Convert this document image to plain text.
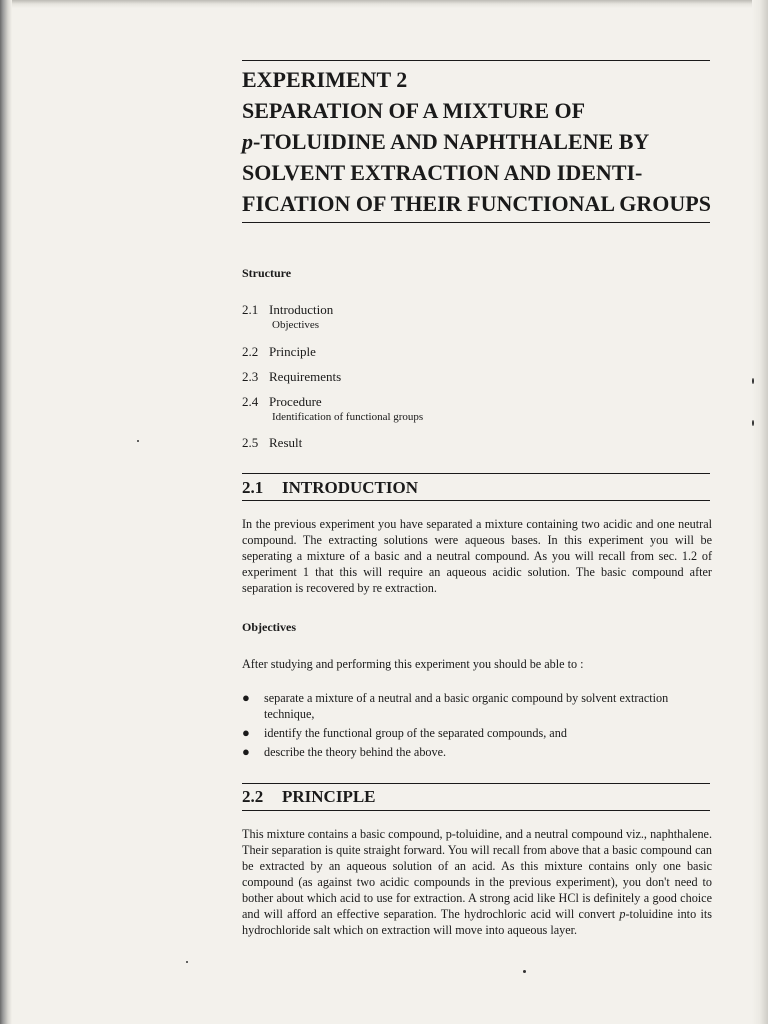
EXPERIMENT 2
SEPARATION OF A MIXTURE OF
p-TOLUIDINE AND NAPHTHALENE BY
SOLVENT EXTRACTION AND IDENTI-
FICATION OF THEIR FUNCTIONAL GROUPS
Structure
2.1 Introduction
Objectives
2.2 Principle
2.3 Requirements
2.4 Procedure
Identification of functional groups
2.5 Result
2.1 INTRODUCTION
In the previous experiment you have separated a mixture containing two acidic and one neutral compound. The extracting solutions were aqueous bases. In this experiment you will be seperating a mixture of a basic and a neutral compound. As you will recall from sec. 1.2 of experiment 1 that this will require an aqueous acidic solution. The basic compound after separation is recovered by re extraction.
Objectives
After studying and performing this experiment you should be able to :
● separate a mixture of a neutral and a basic organic compound by solvent extraction technique,
● identify the functional group of the separated compounds, and
● describe the theory behind the above.
2.2 PRINCIPLE
This mixture contains a basic compound, p-toluidine, and a neutral compound viz., naphthalene. Their separation is quite straight forward. You will recall from above that a basic compound can be extracted by an aqueous solution of an acid. As this mixture contains only one basic compound (as against two acidic compounds in the previous experiment), you don't need to bother about which acid to use for extraction. A strong acid like HCl is definitely a good choice and will afford an effective separation. The hydrochloric acid will convert p-toluidine into its hydrochloride salt which on extraction will move into aqueous layer.
